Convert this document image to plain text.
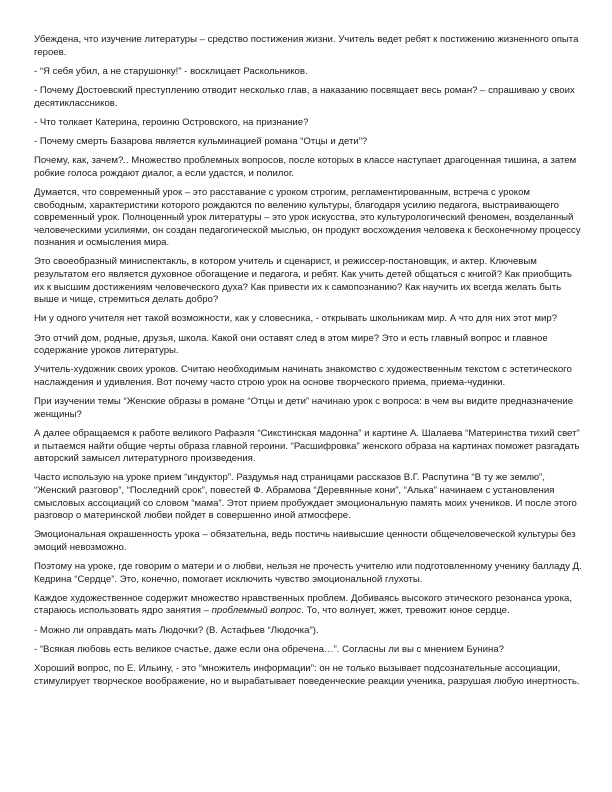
Убеждена, что изучение литературы – средство постижения жизни. Учитель ведет ребят к постижению жизненного опыта героев.

- “Я себя убил, а не старушонку!” - восклицает Раскольников.

- Почему Достоевский преступлению отводит несколько глав, а наказанию посвящает весь роман? – спрашиваю у своих десятиклассников.

- Что толкает Катерина, героиню Островского, на признание?

- Почему смерть Базарова является кульминацией романа “Отцы и дети”?

Почему, как, зачем?.. Множество проблемных вопросов, после которых в классе наступает драгоценная тишина, а затем робкие голоса рождают диалог, а если удастся, и полилог.

Думается, что современный урок – это расставание с уроком строгим, регламентированным, встреча с уроком свободным, характеристики которого рождаются по велению культуры, благодаря усилию педагога, выстраивающего современный урок. Полноценный урок литературы – это урок искусства, это культурологический феномен, возделанный человеческими усилиями, он создан педагогической мыслью, он продукт восхождения человека к бесконечному процессу познания и осмысления мира.

Это своеобразный миниспектакль, в котором учитель и сценарист, и режиссер-постановщик, и актер. Ключевым результатом его является духовное обогащение и педагога, и ребят. Как учить детей общаться с книгой? Как приобщить их к высшим достижениям человеческого духа? Как привести их к самопознанию? Как научить их всегда желать быть выше и чище, стремиться делать добро?

Ни у одного учителя нет такой возможности, как у словесника, - открывать школьникам мир. А что для них этот мир?

Это отчий дом, родные, друзья, школа. Какой они оставят след в этом мире? Это и есть главный вопрос и главное содержание уроков литературы.

Учитель-художник своих уроков. Считаю необходимым начинать знакомство с художественным текстом с эстетического наслаждения и удивления. Вот почему часто строю урок на основе творческого приема, приема-чудинки.

При изучении темы “Женские образы в романе “Отцы и дети” начинаю урок с вопроса: в чем вы видите предназначение женщины?

А далее обращаемся к работе великого Рафаэля “Сикстинская мадонна” и картине А. Шалаева “Материнства тихий свет” и пытаемся найти общие черты образа главной героини. “Расшифровка” женского образа на картинах поможет разгадать авторский замысел литературного произведения.

Часто использую на уроке прием “индуктор”. Раздумья над страницами рассказов В.Г. Распутина “В ту же землю”, “Женский разговор”, “Последний срок”, повестей Ф. Абрамова “Деревянные кони”, “Алька” начинаем с установления смысловых ассоциаций со словом “мама”. Этот прием пробуждает эмоциональную память моих учеников. И после этого разговор о материнской любви пойдет в совершенно иной атмосфере.

Эмоциональная окрашенность урока – обязательна, ведь постичь наивысшие ценности общечеловеческой культуры без эмоций невозможно.

Поэтому на уроке, где говорим о матери и о любви, нельзя не прочесть учителю или подготовленному ученику балладу Д. Кедрина “Сердце”. Это, конечно, помогает исключить чувство эмоциональной глухоты.

Каждое художественное содержит множество нравственных проблем. Добиваясь высокого этического резонанса урока, стараюсь использовать ядро занятия – проблемный вопрос. То, что волнует, жжет, тревожит юное сердце.

- Можно ли оправдать мать Людочки? (В. Астафьев “Людочка”).

- “Всякая любовь есть великое счастье, даже если она обречена…”. Согласны ли вы с мнением Бунина?

Хороший вопрос, по Е. Ильину, - это “множитель информации”: он не только вызывает подсознательные ассоциации, стимулирует творческое воображение, но и вырабатывает поведенческие реакции ученика, разрушая любую инертность.
